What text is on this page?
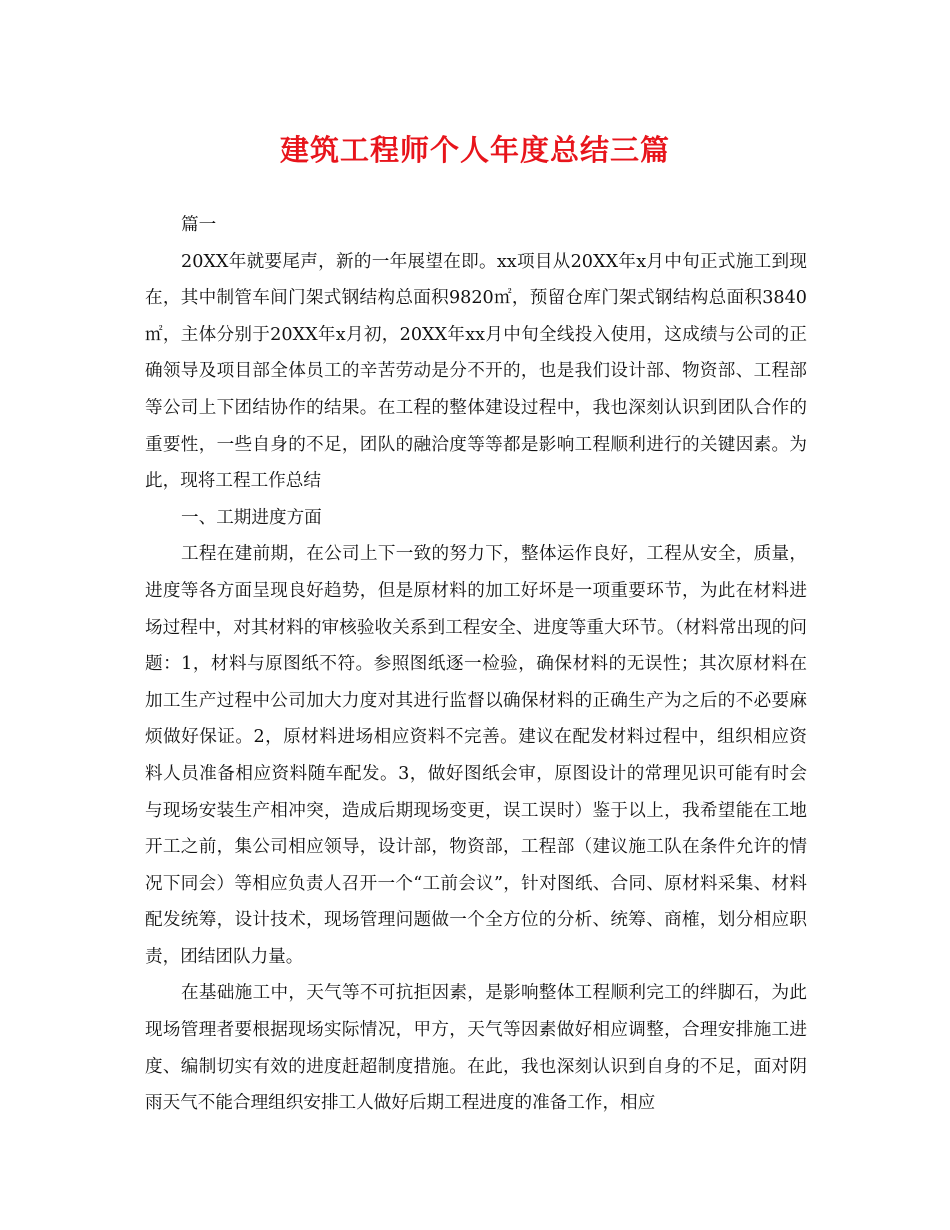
建筑工程师个人年度总结三篇

篇一

20XX年就要尾声，新的一年展望在即。xx项目从20XX年x月中旬正式施工到现在，其中制管车间门架式钢结构总面积9820㎡，预留仓库门架式钢结构总面积3840㎡，主体分别于20XX年x月初，20XX年xx月中旬全线投入使用，这成绩与公司的正确领导及项目部全体员工的辛苦劳动是分不开的，也是我们设计部、物资部、工程部等公司上下团结协作的结果。在工程的整体建设过程中，我也深刻认识到团队合作的重要性，一些自身的不足，团队的融洽度等等都是影响工程顺利进行的关键因素。为此，现将工程工作总结

一、工期进度方面

工程在建前期，在公司上下一致的努力下，整体运作良好，工程从安全，质量，进度等各方面呈现良好趋势，但是原材料的加工好坏是一项重要环节，为此在材料进场过程中，对其材料的审核验收关系到工程安全、进度等重大环节。（材料常出现的问题：1，材料与原图纸不符。参照图纸逐一检验，确保材料的无误性；其次原材料在加工生产过程中公司加大力度对其进行监督以确保材料的正确生产为之后的不必要麻烦做好保证。2，原材料进场相应资料不完善。建议在配发材料过程中，组织相应资料人员准备相应资料随车配发。3，做好图纸会审，原图设计的常理见识可能有时会与现场安装生产相冲突，造成后期现场变更，误工误时）鉴于以上，我希望能在工地开工之前，集公司相应领导，设计部，物资部，工程部（建议施工队在条件允许的情况下同会）等相应负责人召开一个“工前会议”，针对图纸、合同、原材料采集、材料配发统筹，设计技术，现场管理问题做一个全方位的分析、统筹、商榷，划分相应职责，团结团队力量。

在基础施工中，天气等不可抗拒因素，是影响整体工程顺利完工的绊脚石，为此现场管理者要根据现场实际情况，甲方，天气等因素做好相应调整，合理安排施工进度、编制切实有效的进度赶超制度措施。在此，我也深刻认识到自身的不足，面对阴雨天气不能合理组织安排工人做好后期工程进度的准备工作，相应
